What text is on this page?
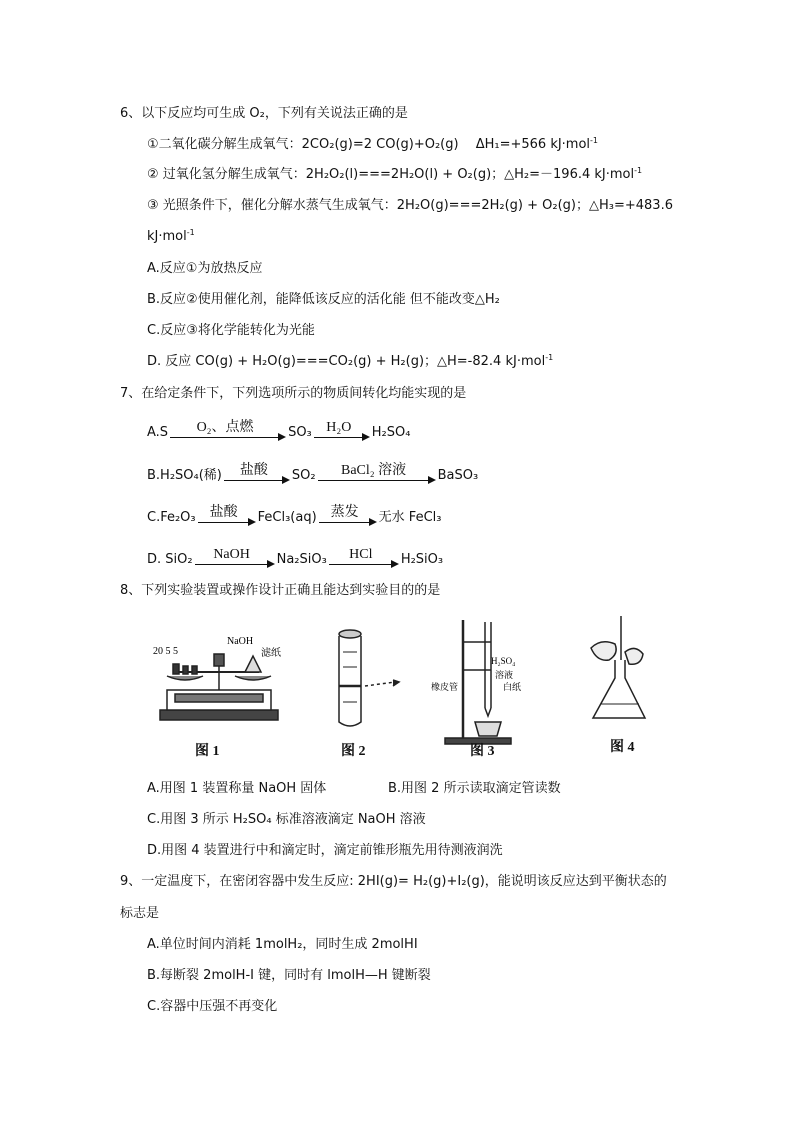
6、以下反应均可生成 O₂，下列有关说法正确的是
①二氧化碳分解生成氧气：2CO₂(g)=2 CO(g)+O₂(g)　 ΔH₁=+566 kJ·mol$^{-1}$
② 过氧化氢分解生成氧气：2H₂O₂(l)===2H₂O(l) + O₂(g)；△H₂=－196.4 kJ·mol$^{-1}$
③ 光照条件下，催化分解水蒸气生成氧气：2H₂O(g)===2H₂(g) + O₂(g)；△H₃=+483.6
kJ·mol$^{-1}$
A.反应①为放热反应
B.反应②使用催化剂，能降低该反应的活化能 但不能改变△H₂
C.反应③将化学能转化为光能
D. 反应 CO(g) + H₂O(g)===CO₂(g) + H₂(g)；△H=-82.4 kJ·mol$^{-1}$
7、在给定条件下，下列选项所示的物质间转化均能实现的是
A.S	O₂、点燃	SO₃	H₂O	H₂SO₄
B.H₂SO₄(稀)	盐酸	SO₂	BaCl₂ 溶液	BaSO₃
C.Fe₂O₃	盐酸	FeCl₃(aq)	蒸发	无水 FeCl₃
D. SiO₂	NaOH	Na₂SiO₃	HCl	H₂SiO₃
8、下列实验装置或操作设计正确且能达到实验目的的是
20 5 5
NaOH
滤纸
H₂SO₄
溶液
橡皮管	白纸
图 1	图 2	图 3	图 4
A.用图 1 装置称量 NaOH 固体	B.用图 2 所示读取滴定管读数
C.用图 3 所示 H₂SO₄ 标准溶液滴定 NaOH 溶液
D.用图 4 装置进行中和滴定时，滴定前锥形瓶先用待测液润洗
9、一定温度下，在密闭容器中发生反应: 2HI(g)= H₂(g)+I₂(g)，能说明该反应达到平衡状态的
标志是
A.单位时间内消耗 1molH₂，同时生成 2molHI
B.每断裂 2molH-I 键，同时有 lmolH—H 键断裂
C.容器中压强不再变化
